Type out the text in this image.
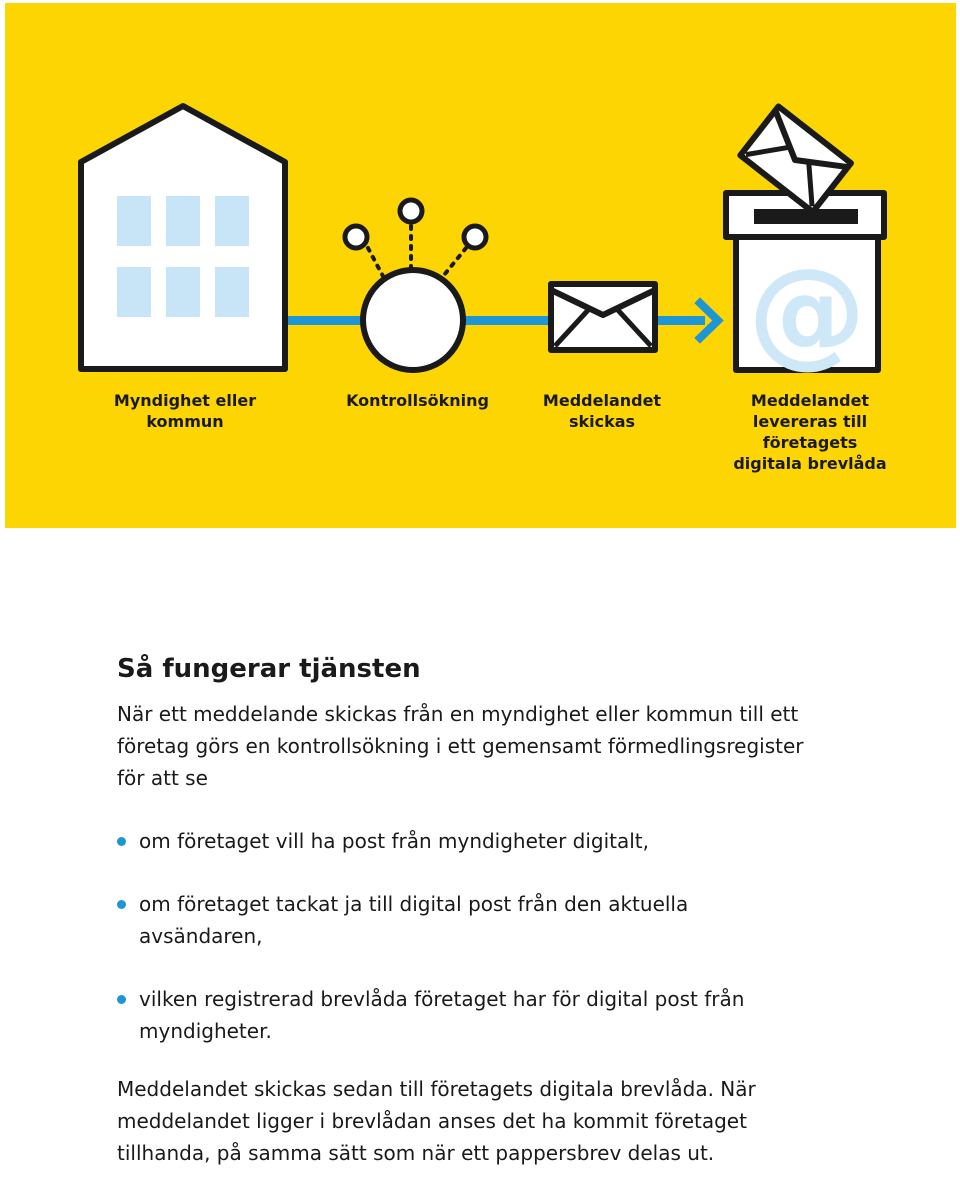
@
Myndighet eller
kommun
Kontrollsökning	Meddelandet
skickas
Meddelandet
levereras till
företagets
digitala brevlåda
Så fungerar tjänsten

När ett meddelande skickas från en myndighet eller kommun till ett företag görs en kontrollsökning i ett gemensamt förmedlingsregister för att se

om företaget vill ha post från myndigheter digitalt,
om företaget tackat ja till digital post från den aktuella avsändaren,
vilken registrerad brevlåda företaget har för digital post från myndigheter.

Meddelandet skickas sedan till företagets digitala brevlåda. När meddelandet ligger i brevlådan anses det ha kommit företaget tillhanda, på samma sätt som när ett pappersbrev delas ut.
